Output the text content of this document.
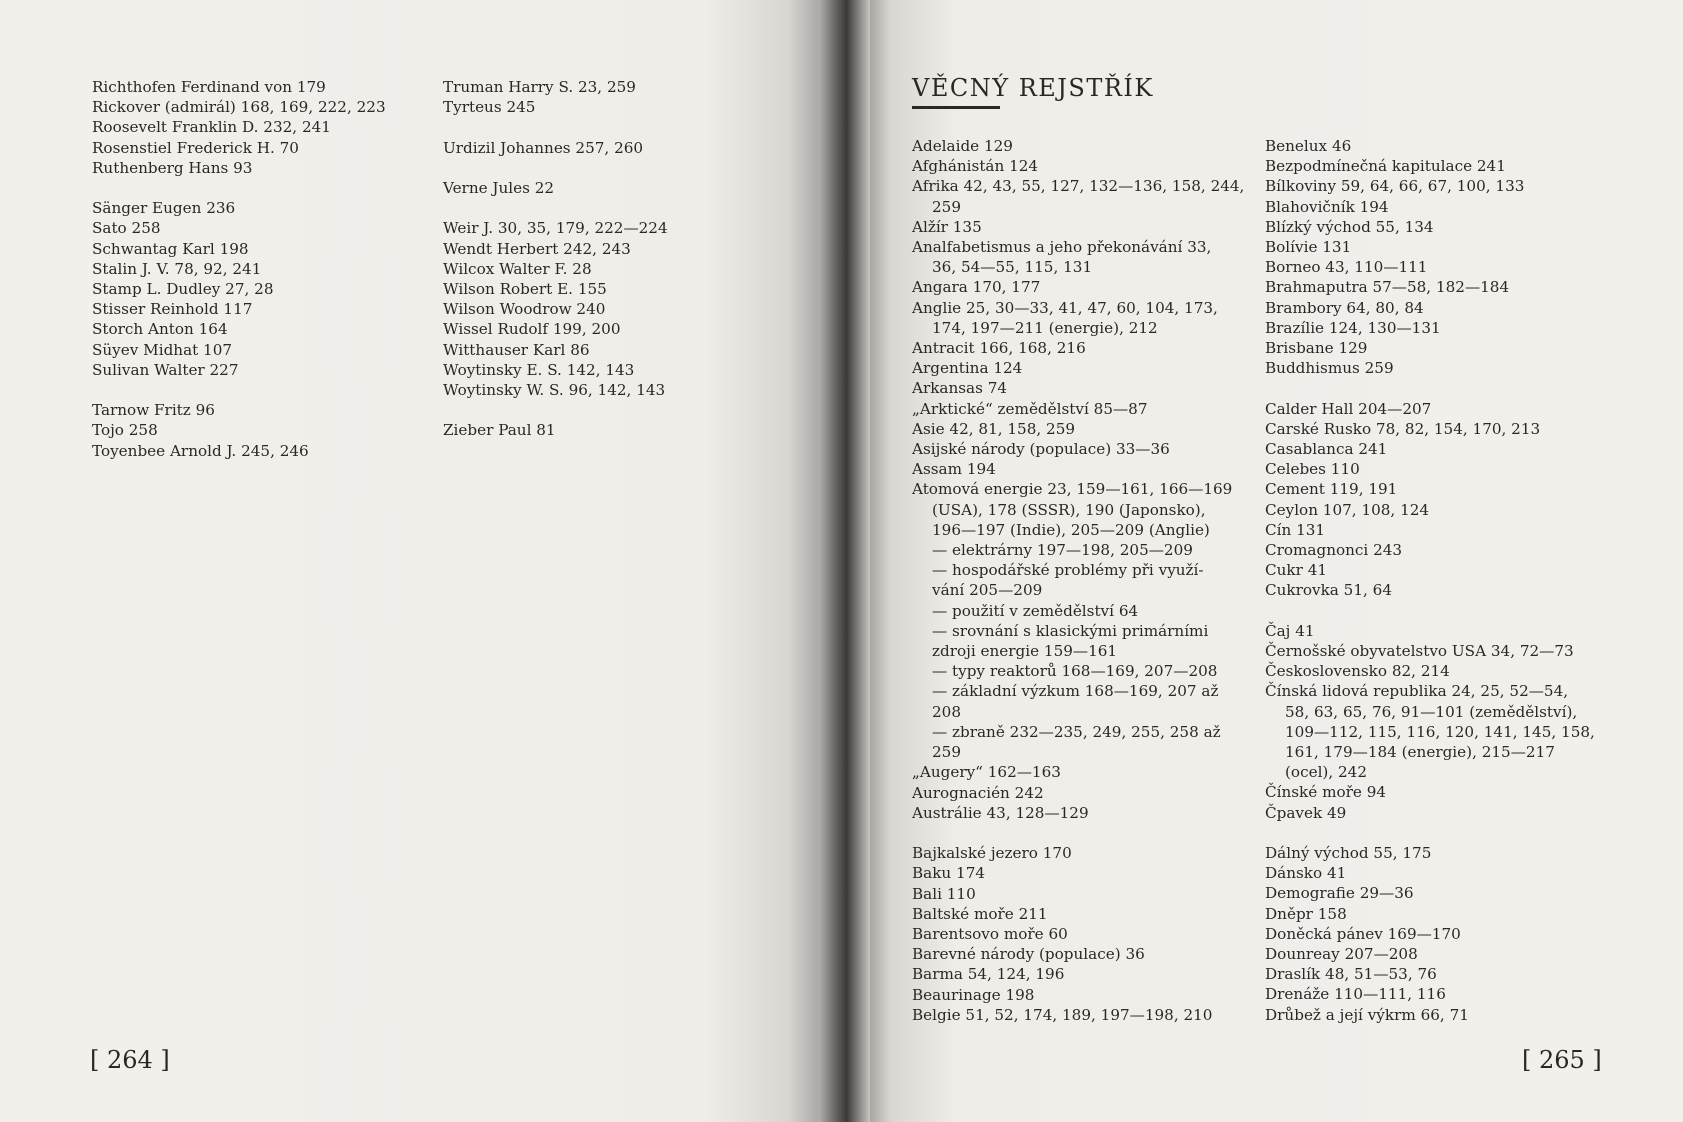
Richthofen Ferdinand von 179
Rickover (admirál) 168, 169, 222, 223
Roosevelt Franklin D. 232, 241
Rosenstiel Frederick H. 70
Ruthenberg Hans 93
Sänger Eugen 236
Sato 258
Schwantag Karl 198
Stalin J. V. 78, 92, 241
Stamp L. Dudley 27, 28
Stisser Reinhold 117
Storch Anton 164
Süyev Midhat 107
Sulivan Walter 227
Tarnow Fritz 96
Tojo 258
Toyenbee Arnold J. 245, 246
Truman Harry S. 23, 259
Tyrteus 245
Urdizil Johannes 257, 260
Verne Jules 22
Weir J. 30, 35, 179, 222—224
Wendt Herbert 242, 243
Wilcox Walter F. 28
Wilson Robert E. 155
Wilson Woodrow 240
Wissel Rudolf 199, 200
Witthauser Karl 86
Woytinsky E. S. 142, 143
Woytinsky W. S. 96, 142, 143
Zieber Paul 81
VĚCNÝ REJSTŘÍK
Adelaide 129
Afghánistán 124
Afrika 42, 43, 55, 127, 132—136, 158, 244,
259
Alžír 135
Analfabetismus a jeho překonávání 33,
36, 54—55, 115, 131
Angara 170, 177
Anglie 25, 30—33, 41, 47, 60, 104, 173,
174, 197—211 (energie), 212
Antracit 166, 168, 216
Argentina 124
Arkansas 74
„Arktické“ zemědělství 85—87
Asie 42, 81, 158, 259
Asijské národy (populace) 33—36
Assam 194
Atomová energie 23, 159—161, 166—169
(USA), 178 (SSSR), 190 (Japonsko),
196—197 (Indie), 205—209 (Anglie)
— elektrárny 197—198, 205—209
— hospodářské problémy při využí-
vání 205—209
— použití v zemědělství 64
— srovnání s klasickými primárními
zdroji energie 159—161
— typy reaktorů 168—169, 207—208
— základní výzkum 168—169, 207 až
208
— zbraně 232—235, 249, 255, 258 až
259
„Augery“ 162—163
Aurognacién 242
Austrálie 43, 128—129
Bajkalské jezero 170
Baku 174
Bali 110
Baltské moře 211
Barentsovo moře 60
Barevné národy (populace) 36
Barma 54, 124, 196
Beaurinage 198
Belgie 51, 52, 174, 189, 197—198, 210
Benelux 46
Bezpodmínečná kapitulace 241
Bílkoviny 59, 64, 66, 67, 100, 133
Blahovičník 194
Blízký východ 55, 134
Bolívie 131
Borneo 43, 110—111
Brahmaputra 57—58, 182—184
Brambory 64, 80, 84
Brazílie 124, 130—131
Brisbane 129
Buddhismus 259
Calder Hall 204—207
Carské Rusko 78, 82, 154, 170, 213
Casablanca 241
Celebes 110
Cement 119, 191
Ceylon 107, 108, 124
Cín 131
Cromagnonci 243
Cukr 41
Cukrovka 51, 64
Čaj 41
Černošské obyvatelstvo USA 34, 72—73
Československo 82, 214
Čínská lidová republika 24, 25, 52—54,
58, 63, 65, 76, 91—101 (zemědělství),
109—112, 115, 116, 120, 141, 145, 158,
161, 179—184 (energie), 215—217
(ocel), 242
Čínské moře 94
Čpavek 49
Dálný východ 55, 175
Dánsko 41
Demografie 29—36
Dněpr 158
Doněcká pánev 169—170
Dounreay 207—208
Draslík 48, 51—53, 76
Drenáže 110—111, 116
Drůbež a její výkrm 66, 71
[ 264 ]	[ 265 ]
